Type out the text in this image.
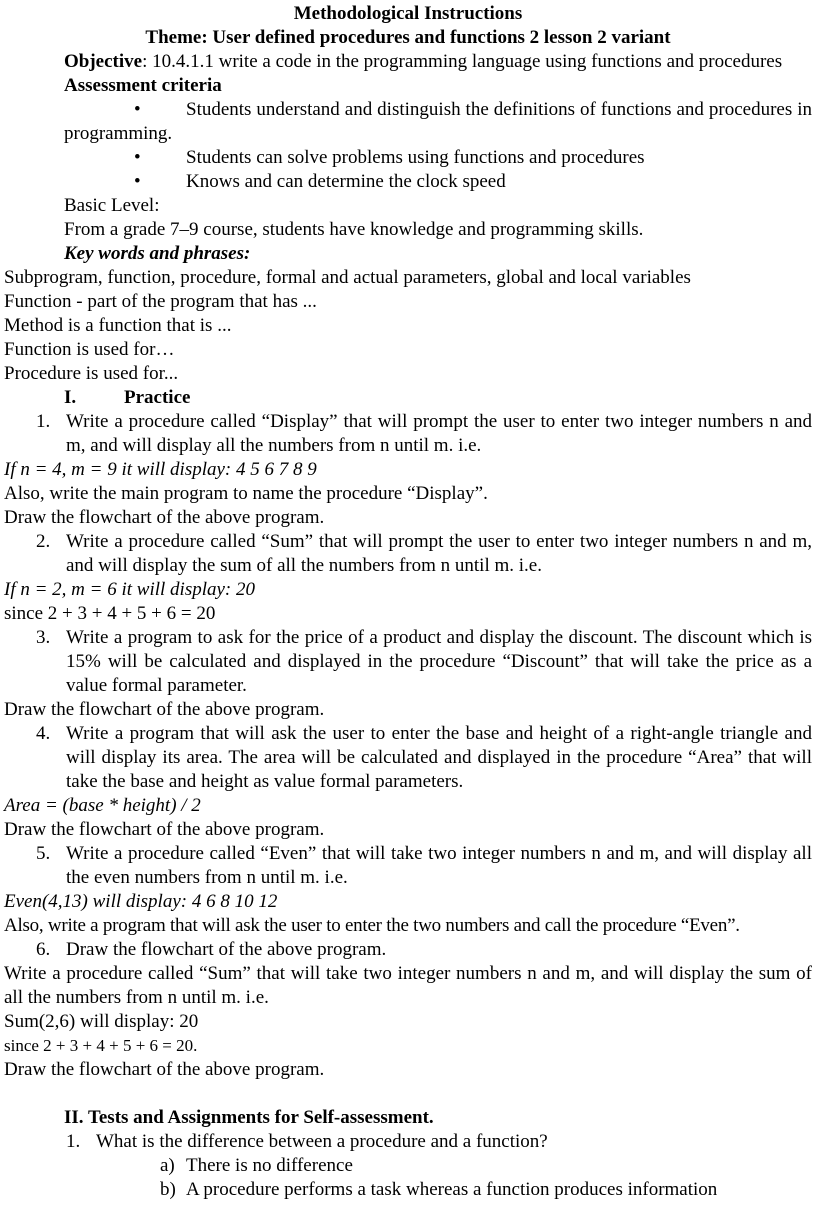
Methodological Instructions

Theme: User defined procedures and functions 2 lesson 2 variant

Objective: 10.4.1.1 write a code in the programming language using functions and procedures

Assessment criteria

• Students understand and distinguish the definitions of functions and procedures in programming.
• Students can solve problems using functions and procedures
• Knows and can determine the clock speed

Basic Level:

From a grade 7–9 course, students have knowledge and programming skills.

Key words and phrases:

Subprogram, function, procedure, formal and actual parameters, global and local variables

Function - part of the program that has ...

Method is a function that is ...

Function is used for…

Procedure is used for...

I.	Practice

1. Write a procedure called “Display” that will prompt the user to enter two integer numbers n and m, and will display all the numbers from n until m. i.e.

If n = 4, m = 9 it will display: 4 5 6 7 8 9

Also, write the main program to name the procedure “Display”.

Draw the flowchart of the above program.

2. Write a procedure called “Sum” that will prompt the user to enter two integer numbers n and m, and will display the sum of all the numbers from n until m. i.e.

If n = 2, m = 6 it will display: 20

since 2 + 3 + 4 + 5 + 6 = 20

3. Write a program to ask for the price of a product and display the discount. The discount which is 15% will be calculated and displayed in the procedure “Discount” that will take the price as a value formal parameter.

Draw the flowchart of the above program.

4. Write a program that will ask the user to enter the base and height of a right-angle triangle and will display its area. The area will be calculated and displayed in the procedure “Area” that will take the base and height as value formal parameters.

Area = (base * height) / 2

Draw the flowchart of the above program.

5. Write a procedure called “Even” that will take two integer numbers n and m, and will display all the even numbers from n until m. i.e.

Even(4,13) will display: 4 6 8 10 12

Also, write a program that will ask the user to enter the two numbers and call the procedure “Even”.

6. Draw the flowchart of the above program.

Write a procedure called “Sum” that will take two integer numbers n and m, and will display the sum of all the numbers from n until m. i.e.

Sum(2,6) will display: 20

since 2 + 3 + 4 + 5 + 6 = 20.

Draw the flowchart of the above program.

II. Tests and Assignments for Self-assessment.

1. What is the difference between a procedure and a function?

a) There is no difference

b) A procedure performs a task whereas a function produces information
